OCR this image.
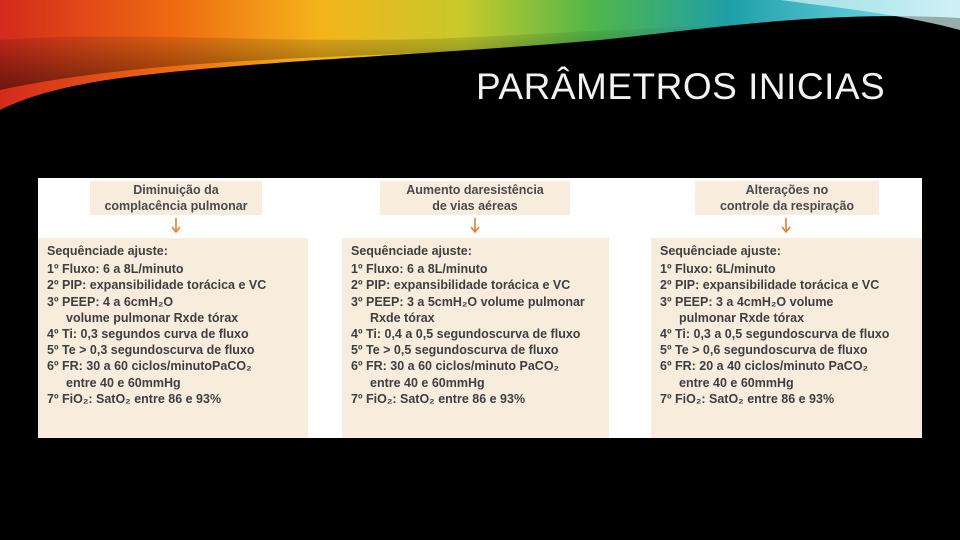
PARÂMETROS INICIAS
Diminuição da
complacência pulmonar
Sequênciade ajuste:
1º Fluxo: 6 a 8L/minuto
2º PIP: expansibilidade torácica e VC
3º PEEP: 4 a 6cmH₂O
volume pulmonar Rxde tórax
4º Ti: 0,3 segundos curva de fluxo
5º Te > 0,3 segundoscurva de fluxo
6º FR: 30 a 60 ciclos/minutoPaCO₂
entre 40 e 60mmHg
7º FiO₂: SatO₂ entre 86 e 93%
Aumento daresistência
de vias aéreas
Sequênciade ajuste:
1º Fluxo: 6 a 8L/minuto
2º PIP: expansibilidade torácica e VC
3º PEEP: 3 a 5cmH₂O volume pulmonar
Rxde tórax
4º Ti: 0,4 a 0,5 segundoscurva de fluxo
5º Te > 0,5 segundoscurva de fluxo
6º FR: 30 a 60 ciclos/minuto PaCO₂
entre 40 e 60mmHg
7º FiO₂: SatO₂ entre 86 e 93%
Alterações no
controle da respiração
Sequênciade ajuste:
1º Fluxo: 6L/minuto
2º PIP: expansibilidade torácica e VC
3º PEEP: 3 a 4cmH₂O volume
pulmonar Rxde tórax
4º Ti: 0,3 a 0,5 segundoscurva de fluxo
5º Te > 0,6 segundoscurva de fluxo
6º FR: 20 a 40 ciclos/minuto PaCO₂
entre 40 e 60mmHg
7º FiO₂: SatO₂ entre 86 e 93%
